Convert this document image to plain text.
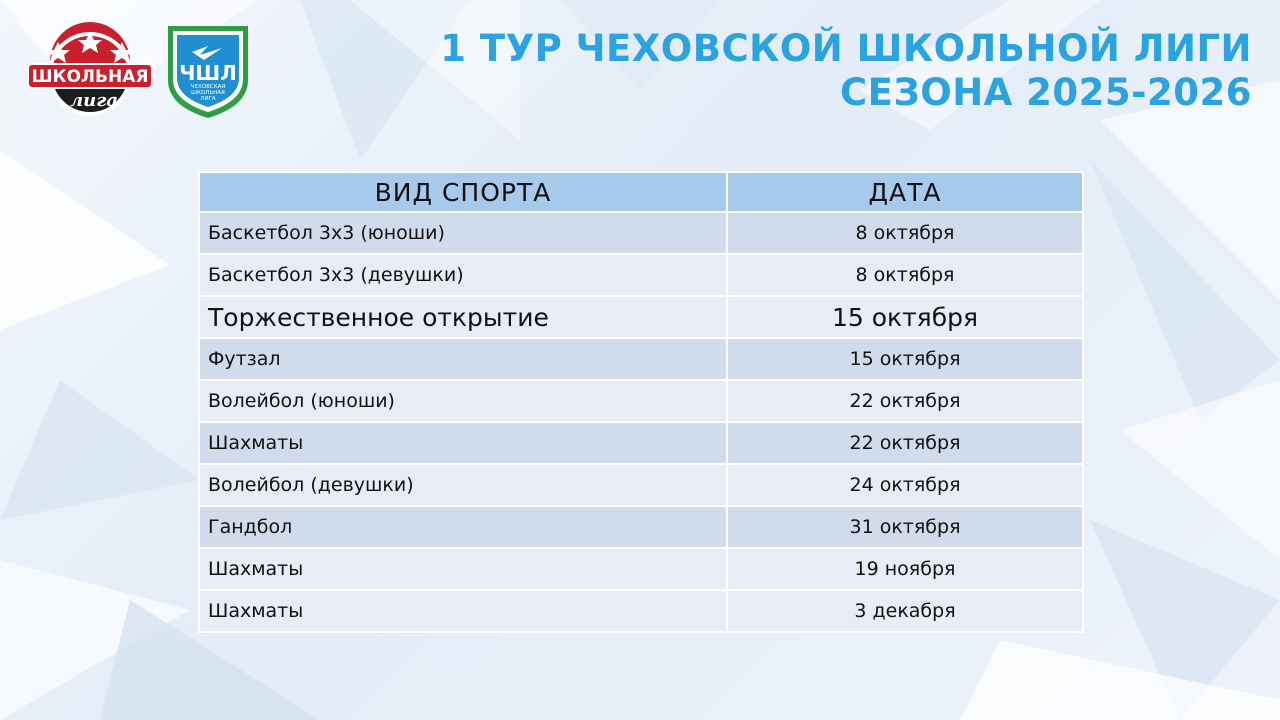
ШКОЛЬНАЯ
лига
ЧШЛ
ЧЕХОВСКАЯ
ШКОЛЬНАЯ
ЛИГА
1 ТУР ЧЕХОВСКОЙ ШКОЛЬНОЙ ЛИГИ
СЕЗОНА 2025-2026
ВИД СПОРТА	ДАТА
Баскетбол 3х3 (юноши)	8 октября
Баскетбол 3х3 (девушки)	8 октября
Торжественное открытие	15 октября
Футзал	15 октября
Волейбол (юноши)	22 октября
Шахматы	22 октября
Волейбол (девушки)	24 октября
Гандбол	31 октября
Шахматы	19 ноября
Шахматы	3 декабря
